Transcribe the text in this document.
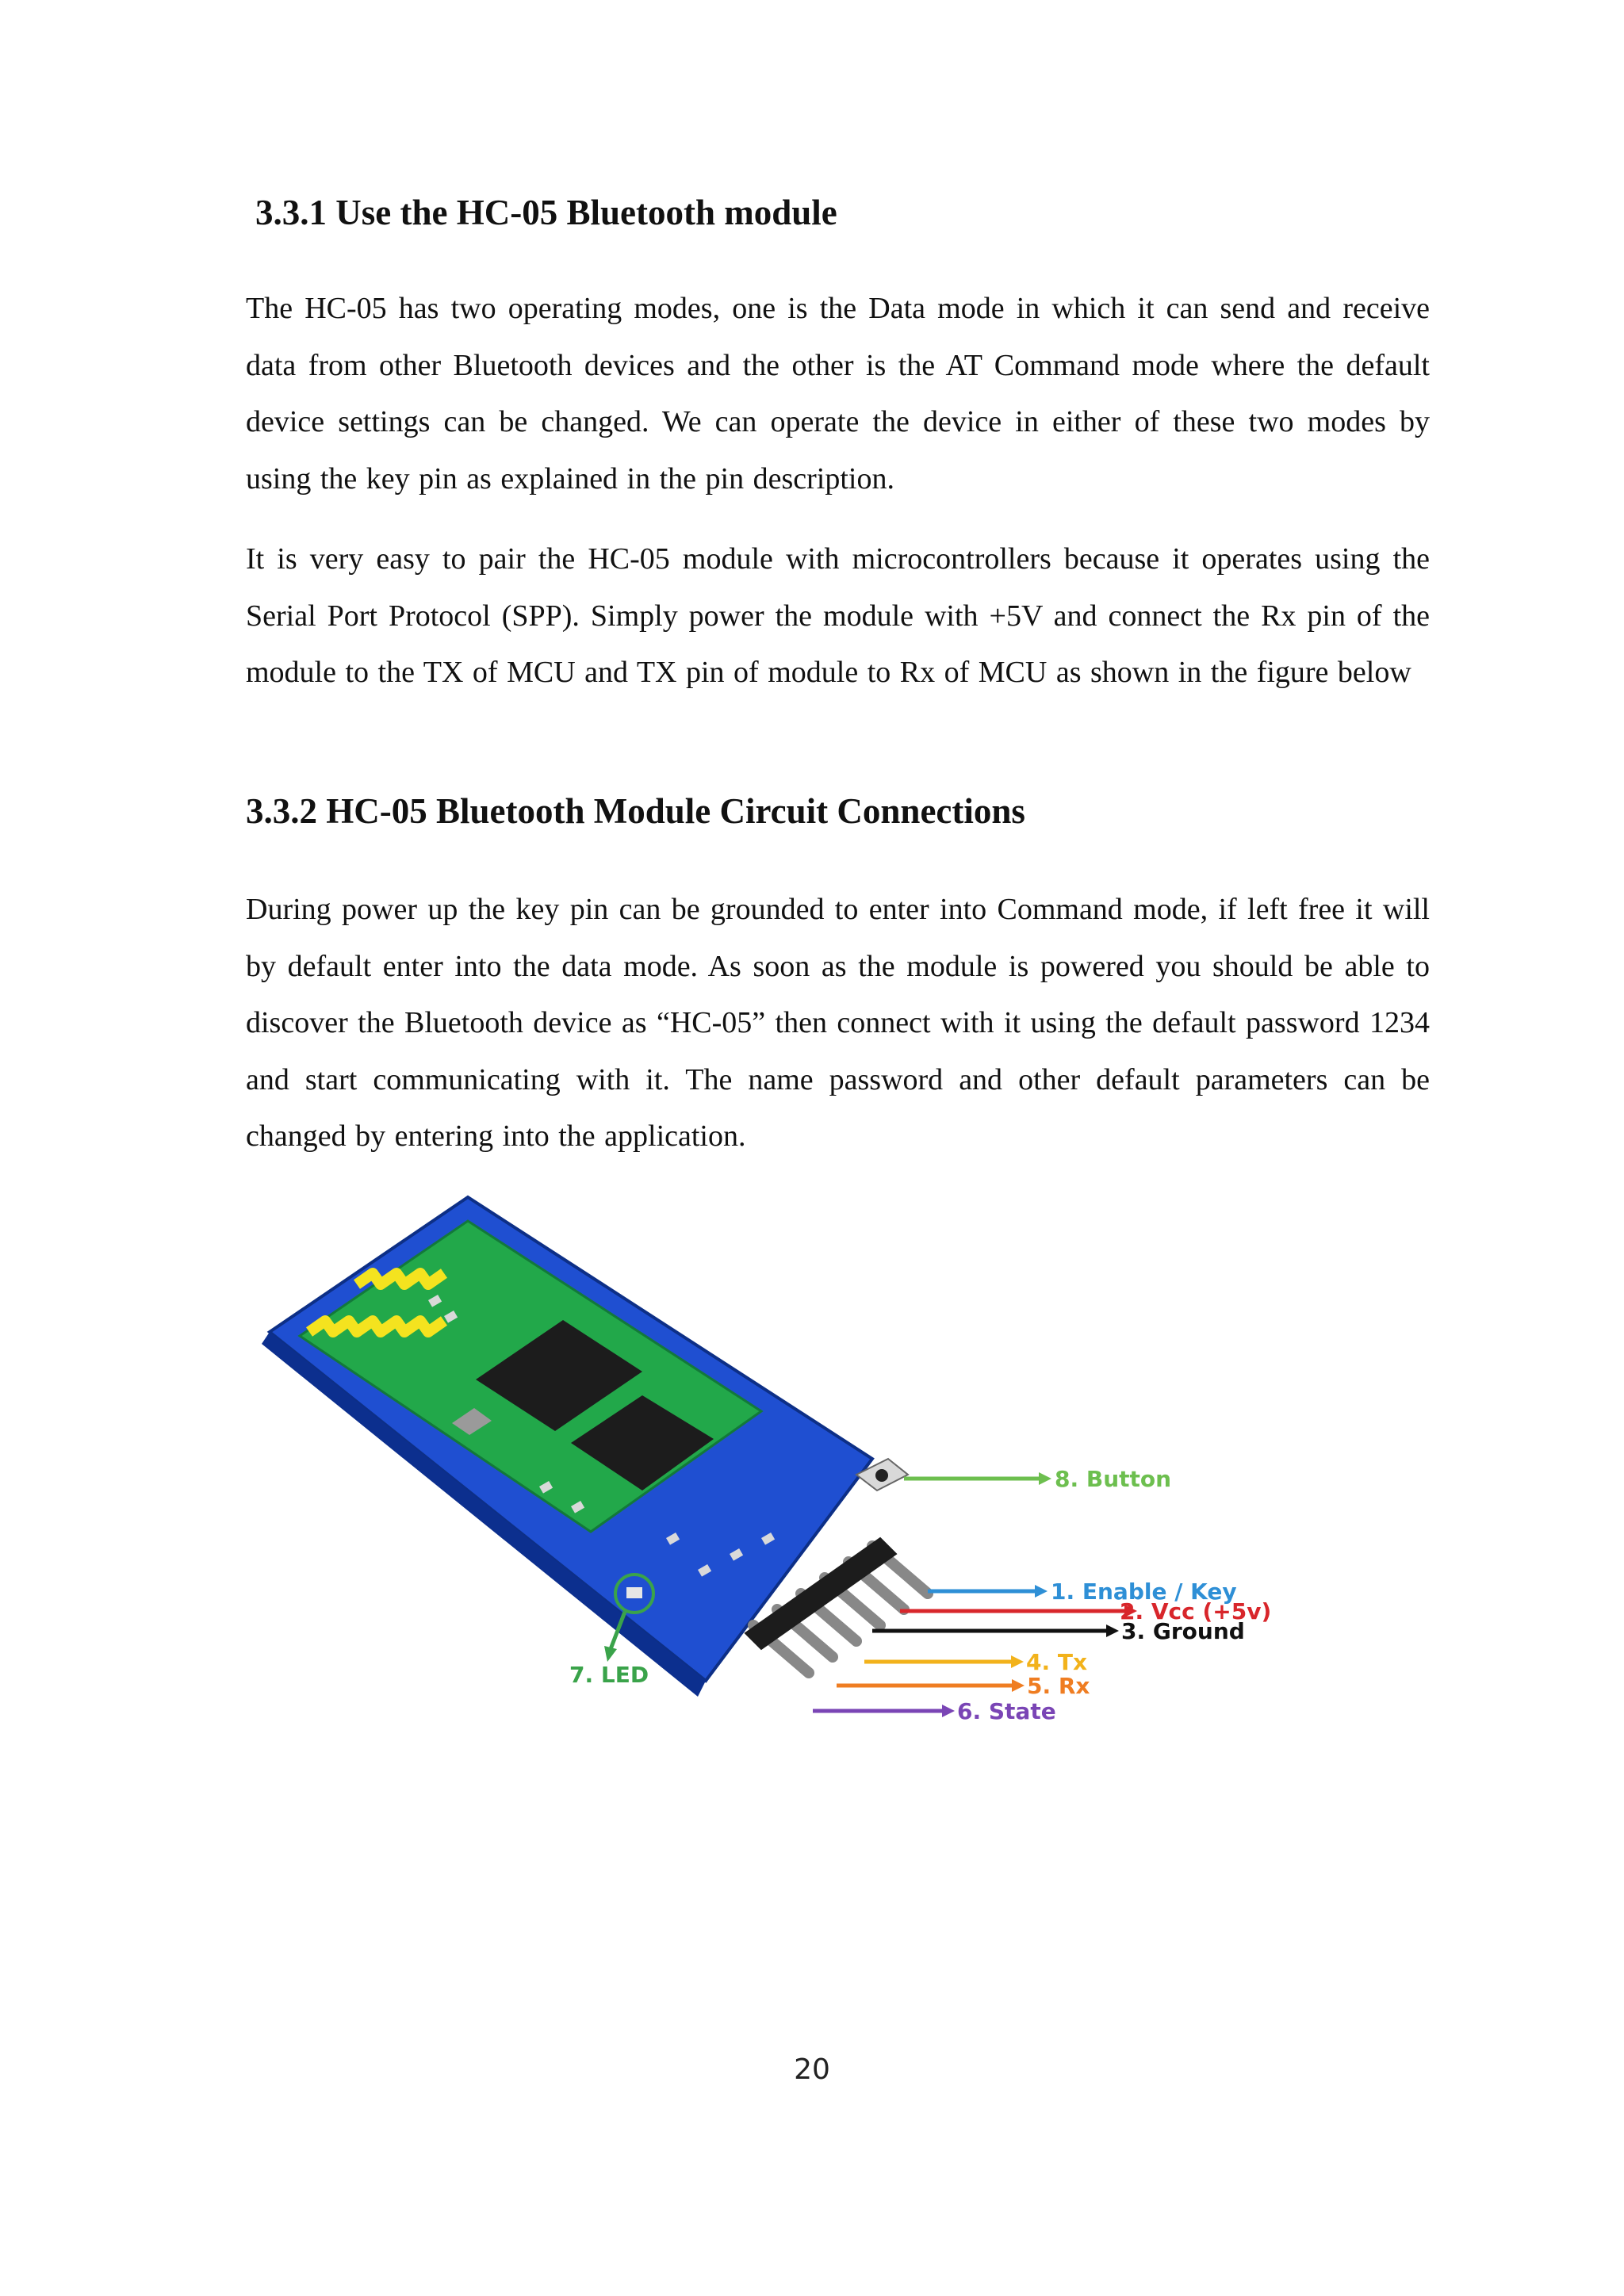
3.3.1 Use the HC-05 Bluetooth module

The HC-05 has two operating modes, one is the Data mode in which it can send and receive data from other Bluetooth devices and the other is the AT Command mode where the default device settings can be changed. We can operate the device in either of these two modes by using the key pin as explained in the pin description.

It is very easy to pair the HC-05 module with microcontrollers because it operates using the Serial Port Protocol (SPP). Simply power the module with +5V and connect the Rx pin of the module to the TX of MCU and TX pin of module to Rx of MCU as shown in the figure below

3.3.2 HC-05 Bluetooth Module Circuit Connections

During power up the key pin can be grounded to enter into Command mode, if left free it will by default enter into the data mode. As soon as the module is powered you should be able to discover the Bluetooth device as “HC-05” then connect with it using the default password 1234 and start communicating with it. The name password and other default parameters can be changed by entering into the application.

8. Button
1. Enable / Key
2. Vcc (+5v)
3. Ground
4. Tx
5. Rx
6. State
7. LED
20
